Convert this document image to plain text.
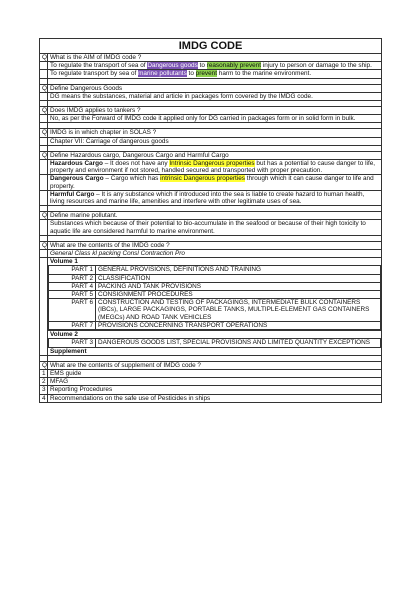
IMDG CODE
Q	What is the AIM of IMDG code ?
	To regulate the transport of sea of Dangerous goods to reasonably prevent injury to person or damage to the ship.
	To regulate transport by sea of marine pollutants to prevent harm to the marine environment.

Q	Define Dangerous Goods
	DG means the substances, material and article in packages form covered by the IMDG code.

Q	Does IMDG applies to tankers ?
	No, as per the Forward of IMDG code it applied only for DG carried in packages form or in solid form in bulk.

Q	IMDG is in which chapter in SOLAS ?
	Chapter VII: Carriage of dangerous goods

Q	Define Hazardous cargo, Dangerous Cargo and Harmful Cargo
	Hazardous Cargo – It does not have any Intrinsic Dangerous properties but has a potential to cause danger to life, property and environment if not stored, handled secured and transported with proper precaution.
	Dangerous Cargo – Cargo which has intrinsic Dangerous properties through which it can cause danger to life and property.
	Harmful Cargo – It is any substance which if introduced into the sea is liable to create hazard to human health, living resources and marine life, amenities and interfere with other legitimate uses of sea.

Q	Define marine pollutant.
	Substances which because of their potential to bio-accumulate in the seafood or because of their high toxicity to aquatic life are considered harmful to marine environment.

Q	What are the contents of the IMDG code ?
	General Class kl packing Consl Contraction Pro

Volume 1
PART 1	GENERAL PROVISIONS, DEFINITIONS AND TRAINING
PART 2	CLASSIFICATION
PART 4	PACKING AND TANK PROVISIONS
PART 5	CONSIGNMENT PROCEDURES
PART 6	CONSTRUCTION AND TESTING OF PACKAGINGS, INTERMEDIATE BULK CONTAINERS (IBCs), LARGE PACKAGINGS, PORTABLE TANKS, MULTIPLE-ELEMENT GAS CONTAINERS (MEGCs) AND ROAD TANK VEHICLES
PART 7	PROVISIONS CONCERNING TRANSPORT OPERATIONS
Volume 2
PART 3	DANGEROUS GOODS LIST, SPECIAL PROVISIONS AND LIMITED QUANTITY EXCEPTIONS
Supplement

Q	What are the contents of supplement of IMDG code ?
1	EMS guide
2	MFAG
3	Reporting Procedures
4	Recommendations on the safe use of Pesticides in ships
